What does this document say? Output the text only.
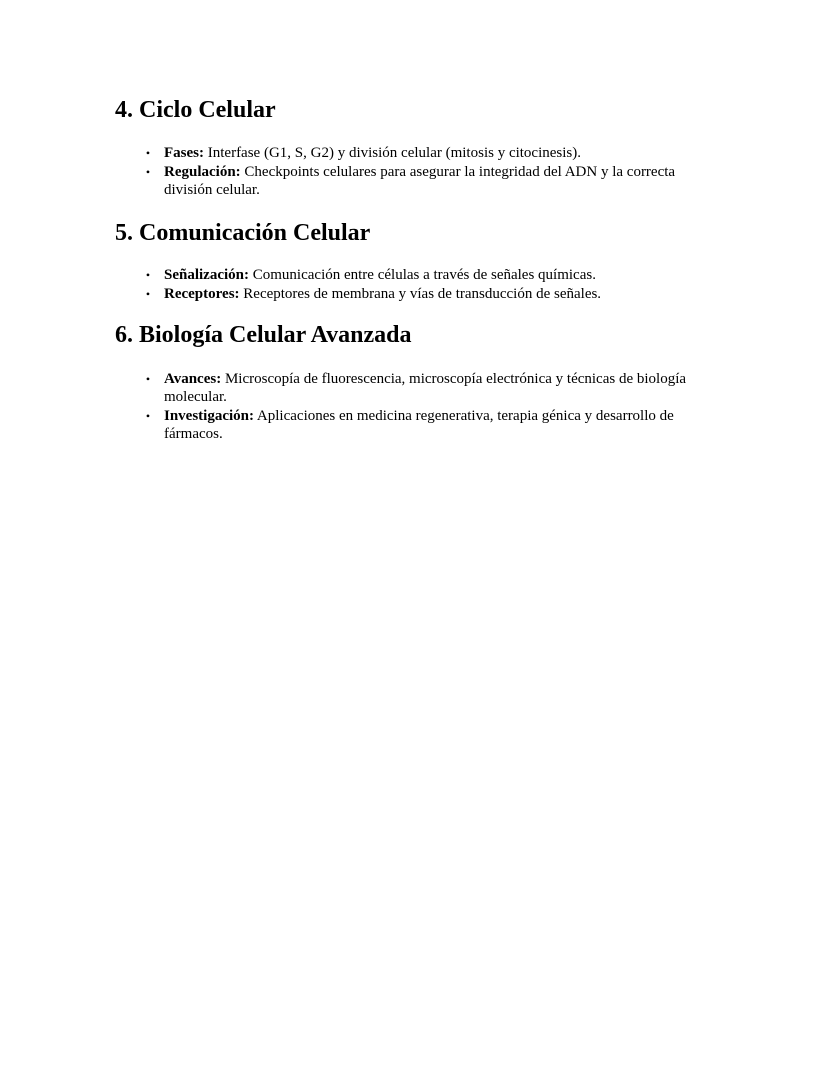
4. Ciclo Celular
• Fases: Interfase (G1, S, G2) y división celular (mitosis y citocinesis).
• Regulación: Checkpoints celulares para asegurar la integridad del ADN y la correcta división celular.
5. Comunicación Celular
• Señalización: Comunicación entre células a través de señales químicas.
• Receptores: Receptores de membrana y vías de transducción de señales.
6. Biología Celular Avanzada
• Avances: Microscopía de fluorescencia, microscopía electrónica y técnicas de biología molecular.
• Investigación: Aplicaciones en medicina regenerativa, terapia génica y desarrollo de fármacos.
